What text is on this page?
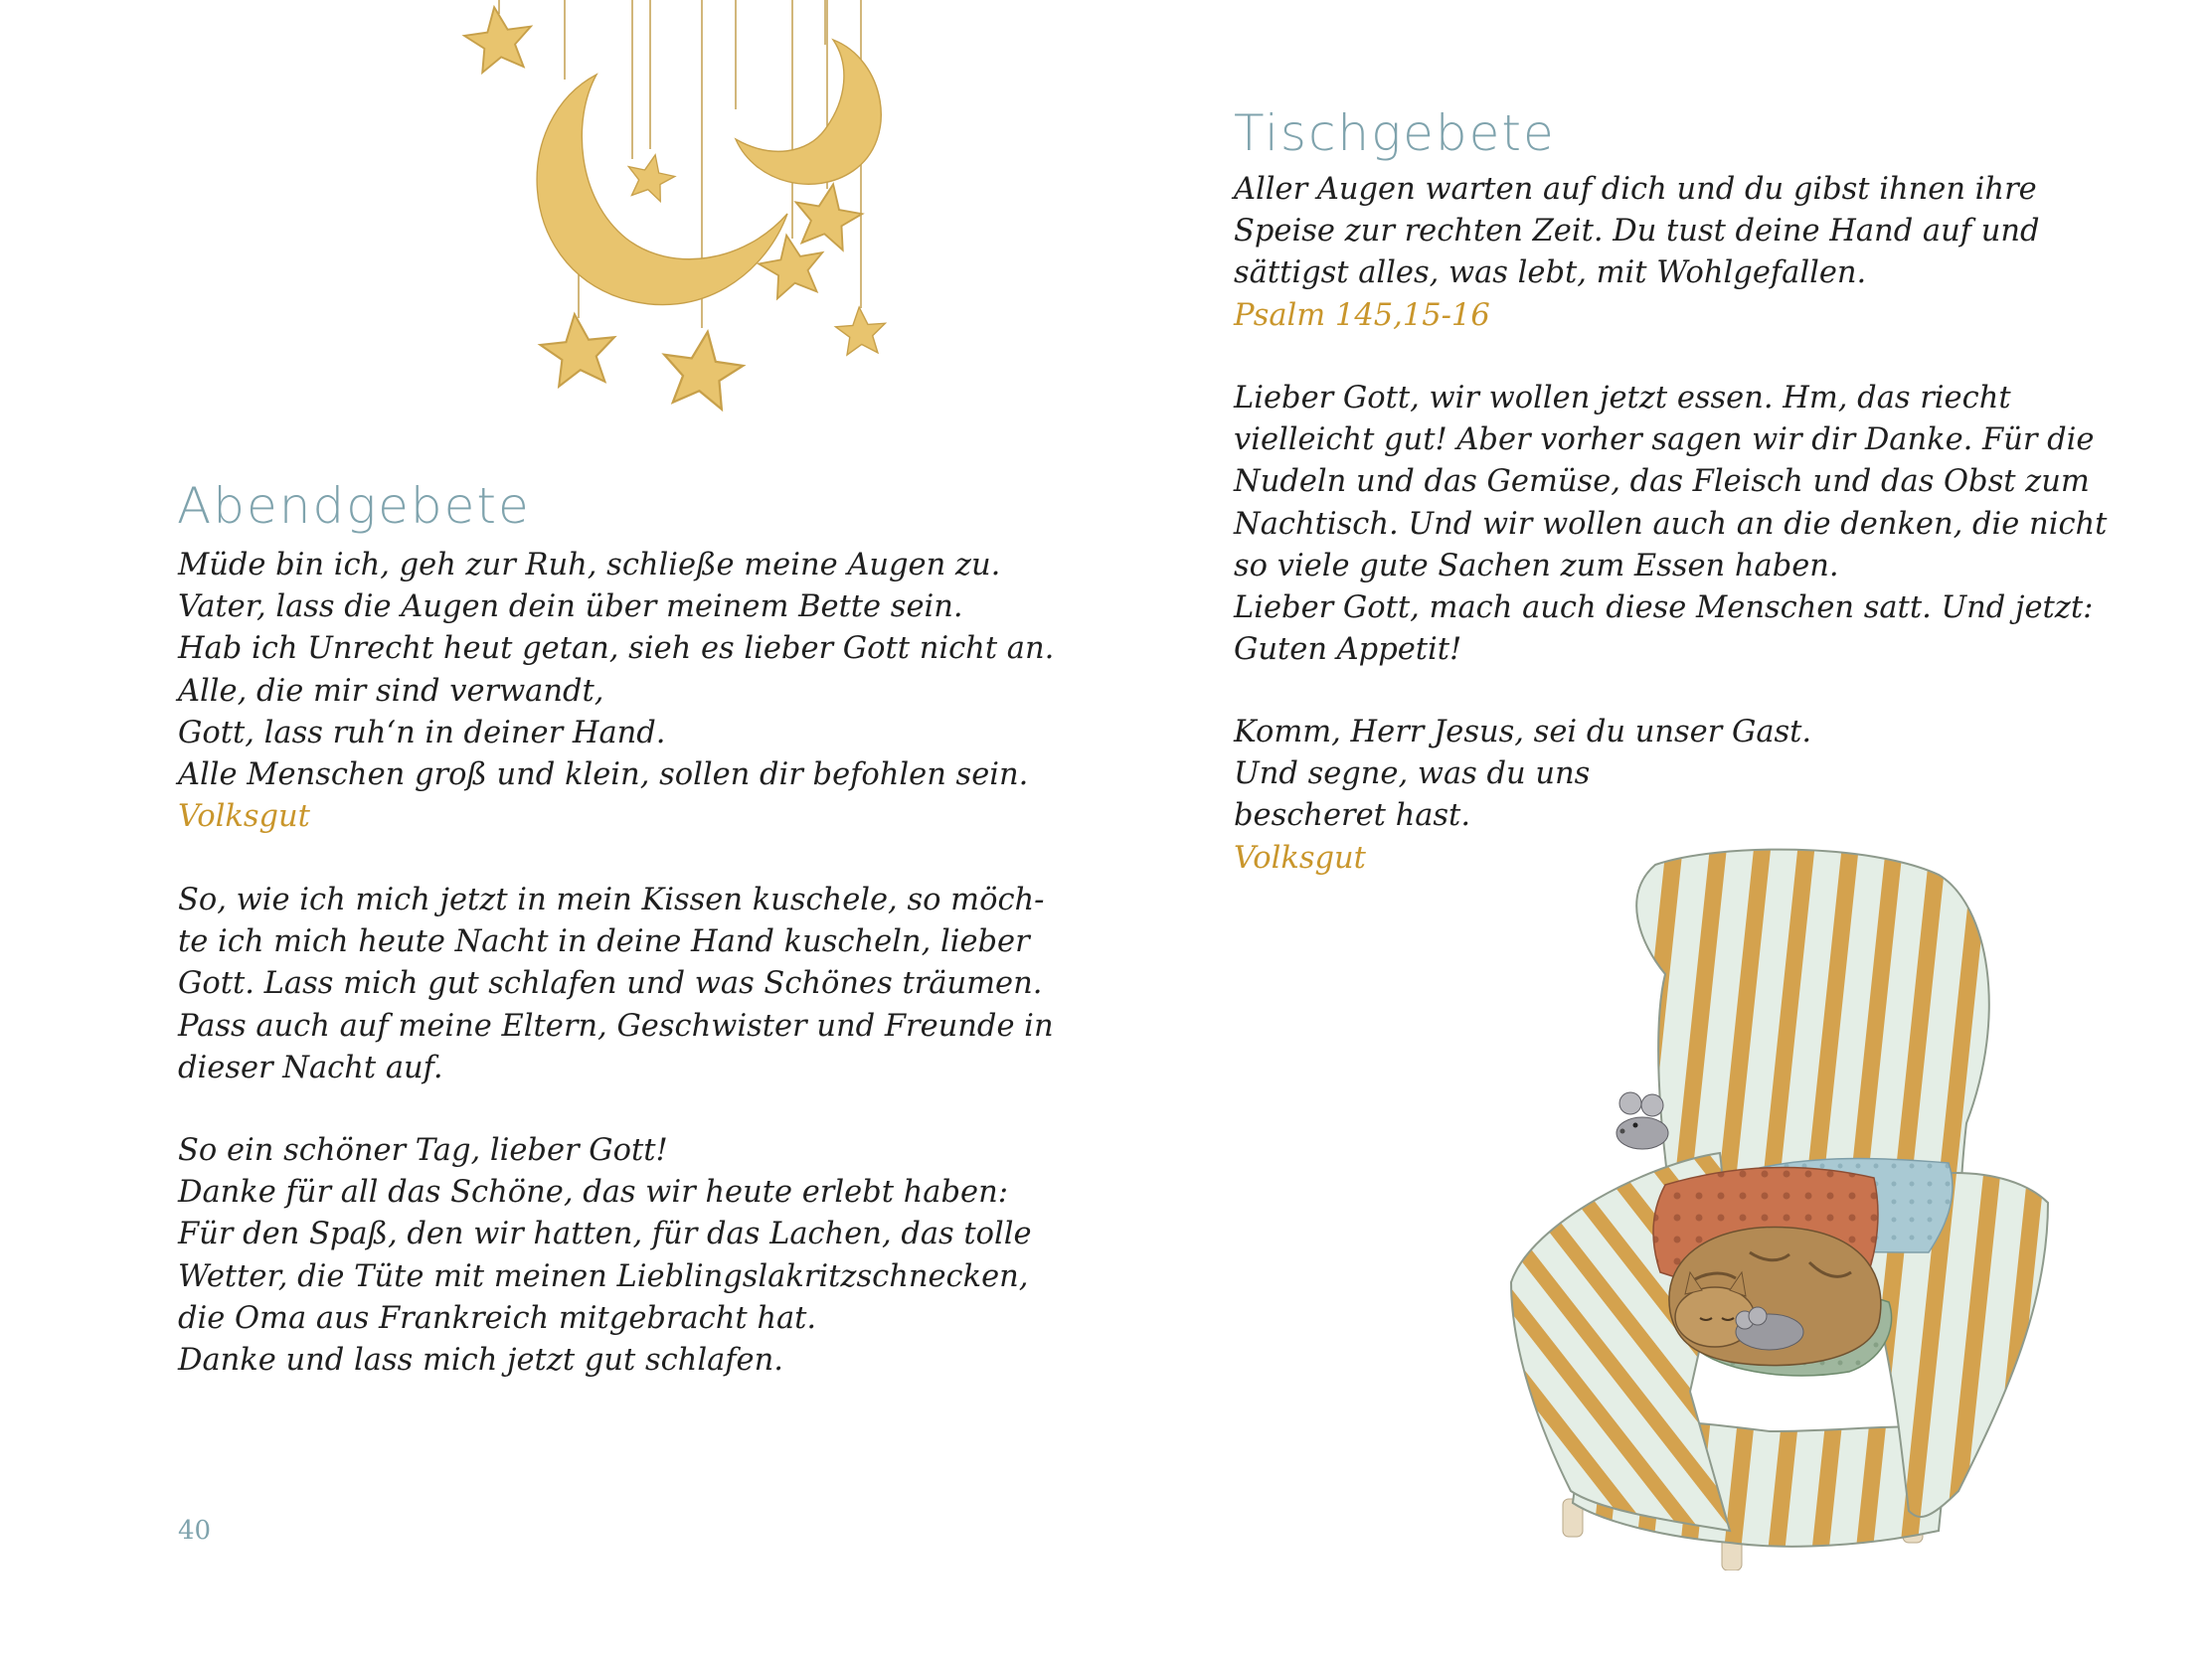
Abendgebete
Müde bin ich, geh zur Ruh, schließe meine Augen zu.
Vater, lass die Augen dein über meinem Bette sein.
Hab ich Unrecht heut getan, sieh es lieber Gott nicht an.
Alle, die mir sind verwandt,
Gott, lass ruh‘n in deiner Hand.
Alle Menschen groß und klein, sollen dir befohlen sein.
Volksgut
So, wie ich mich jetzt in mein Kissen kuschele, so möch-
te ich mich heute Nacht in deine Hand kuscheln, lieber
Gott. Lass mich gut schlafen und was Schönes träumen.
Pass auch auf meine Eltern, Geschwister und Freunde in
dieser Nacht auf.
So ein schöner Tag, lieber Gott!
Danke für all das Schöne, das wir heute erlebt haben:
Für den Spaß, den wir hatten, für das Lachen, das tolle
Wetter, die Tüte mit meinen Lieblingslakritzschnecken,
die Oma aus Frankreich mitgebracht hat.
Danke und lass mich jetzt gut schlafen.
40
Tischgebete
Aller Augen warten auf dich und du gibst ihnen ihre
Speise zur rechten Zeit. Du tust deine Hand auf und
sättigst alles, was lebt, mit Wohlgefallen.
Psalm 145,15-16
Lieber Gott, wir wollen jetzt essen. Hm, das riecht
vielleicht gut! Aber vorher sagen wir dir Danke. Für die
Nudeln und das Gemüse, das Fleisch und das Obst zum
Nachtisch. Und wir wollen auch an die denken, die nicht
so viele gute Sachen zum Essen haben.
Lieber Gott, mach auch diese Menschen satt. Und jetzt:
Guten Appetit!
Komm, Herr Jesus, sei du unser Gast.
Und segne, was du uns
bescheret hast.
Volksgut
